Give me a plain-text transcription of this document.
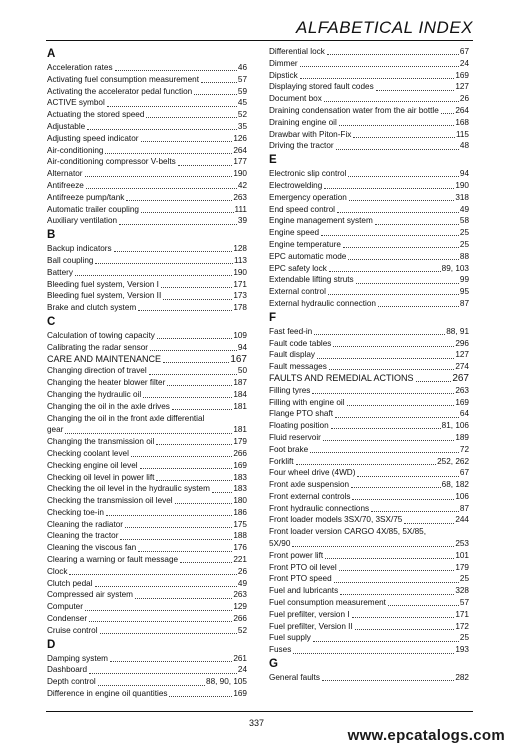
ALFABETICAL INDEX
A
Acceleration rates	46
Activating fuel consumption measurement	57
Activating the accelerator pedal function	59
ACTIVE symbol	45
Actuating the stored speed	52
Adjustable	35
Adjusting speed indicator	126
Air-conditioning	264
Air-conditioning compressor V-belts	177
Alternator	190
Antifreeze	42
Antifreeze pump/tank	263
Automatic trailer coupling	111
Auxiliary ventilation	39
B
Backup indicators	128
Ball coupling	113
Battery	190
Bleeding fuel system, Version I	171
Bleeding fuel system, Version II	173
Brake and clutch system	178
C
Calculation of towing capacity	109
Calibrating the radar sensor	94
CARE AND MAINTENANCE	167
Changing direction of travel	50
Changing the heater blower filter	187
Changing the hydraulic oil	184
Changing the oil in the axle drives	181
Changing the oil in the front axle differential
gear	181
Changing the transmission oil	179
Checking coolant level	266
Checking engine oil level	169
Checking oil level in power lift	183
Checking the oil level in the hydraulic system	183
Checking the transmission oil level	180
Checking toe-in	186
Cleaning the radiator	175
Cleaning the tractor	188
Cleaning the viscous fan	176
Clearing a warning or fault message	221
Clock	26
Clutch pedal	49
Compressed air system	263
Computer	129
Condenser	266
Cruise control	52
D
Damping system	261
Dashboard	24
Depth control	88, 90, 105
Difference in engine oil quantities	169
Differential lock	67
Dimmer	24
Dipstick	169
Displaying stored fault codes	127
Document box	26
Draining condensation water from the air bottle 264
Draining engine oil	168
Drawbar with Piton-Fix	115
Driving the tractor	48
E
Electronic slip control	94
Electrowelding	190
Emergency operation	318
End speed control	49
Engine management system	58
Engine speed	25
Engine temperature	25
EPC automatic mode	88
EPC safety lock	89, 103
Extendable lifting struts	99
External control	95
External hydraulic connection	87
F
Fast feed-in	88, 91
Fault code tables	296
Fault display	127
Fault messages	274
FAULTS AND REMEDIAL ACTIONS	267
Filling tyres	263
Filling with engine oil	169
Flange PTO shaft	64
Floating position	81, 106
Fluid reservoir	189
Foot brake	72
Forklift	252, 262
Four wheel drive (4WD)	67
Front axle suspension	68, 182
Front external controls	106
Front hydraulic connections	87
Front loader models 3SX/70, 3SX/75	244
Front loader version CARGO 4X/85, 5X/85,
5X/90	253
Front power lift	101
Front PTO oil level	179
Front PTO speed	25
Fuel and lubricants	328
Fuel consumption measurement	57
Fuel prefilter, version I	171
Fuel prefilter, Version II	172
Fuel supply	25
Fuses	193
G
General faults	282
337
www.epcatalogs.com
